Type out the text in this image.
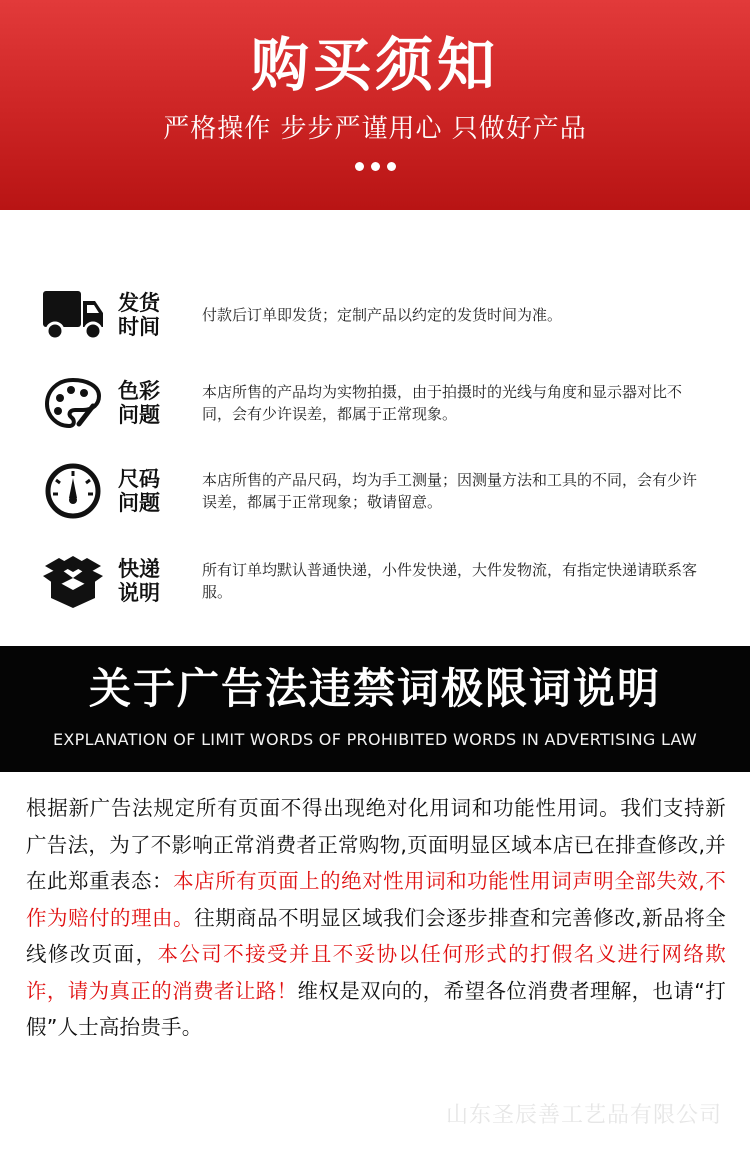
购买须知
严格操作 步步严谨用心 只做好产品
发货
时间	付款后订单即发货；定制产品以约定的发货时间为准。
色彩
问题
本店所售的产品均为实物拍摄，由于拍摄时的光线与角度和显示器对比不同，会有少许误差，都属于正常现象。
尺码
问题
本店所售的产品尺码，均为手工测量；因测量方法和工具的不同，会有少许误差，都属于正常现象；敬请留意。
快递
说明
所有订单均默认普通快递，小件发快递，大件发物流，有指定快递请联系客服。
关于广告法违禁词极限词说明
EXPLANATION OF LIMIT WORDS OF PROHIBITED WORDS IN ADVERTISING LAW
根据新广告法规定所有页面不得出现绝对化用词和功能性用词。我们支持新广告法，为了不影响正常消费者正常购物,页面明显区域本店已在排查修改,并在此郑重表态：本店所有页面上的绝对性用词和功能性用词声明全部失效,不作为赔付的理由。往期商品不明显区域我们会逐步排查和完善修改,新品将全线修改页面，本公司不接受并且不妥协以任何形式的打假名义进行网络欺诈，请为真正的消费者让路！维权是双向的，希望各位消费者理解，也请“打假”人士高抬贵手。
山东圣辰善工艺品有限公司
